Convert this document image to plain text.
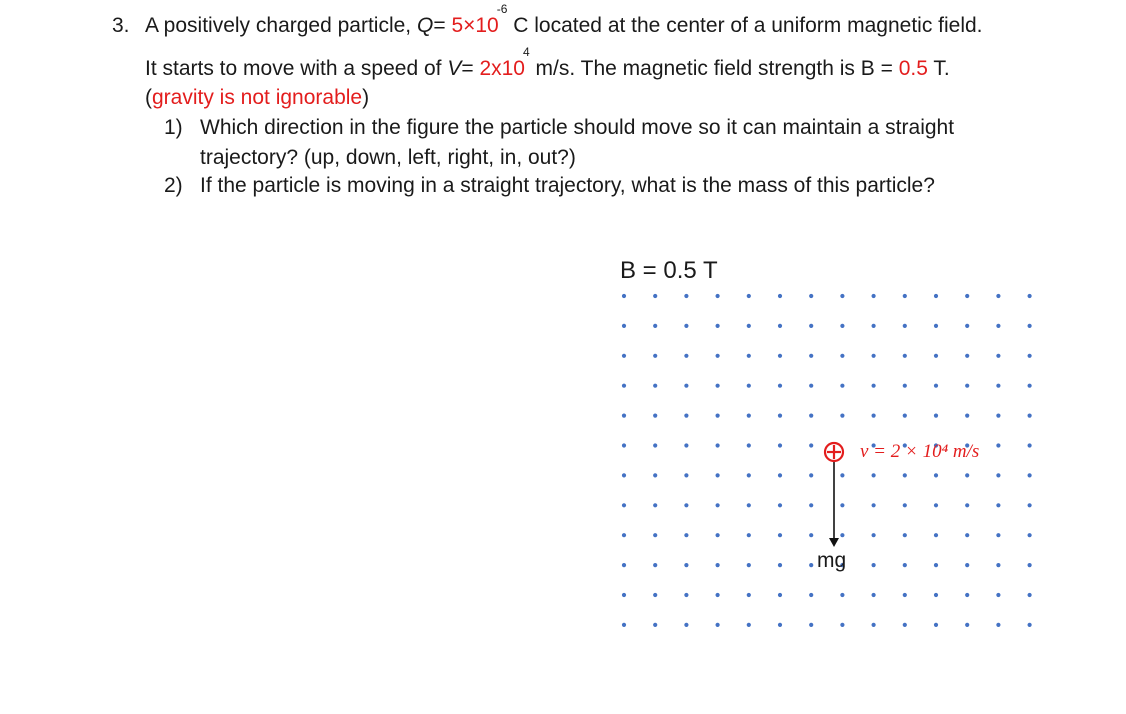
3. A positively charged particle, $Q= 5\times 10^{-6}$ C located at the center of a uniform magnetic field.
It starts to move with a speed of $V= 2x10^4$ m/s. The magnetic field strength is B = 0.5 T.
(gravity is not ignorable)
1) Which direction in the figure the particle should move so it can maintain a straight
trajectory? (up, down, left, right, in, out?)
2) If the particle is moving in a straight trajectory, what is the mass of this particle?
B = 0.5 T
v = 2 × 10⁴ m/s
mg
